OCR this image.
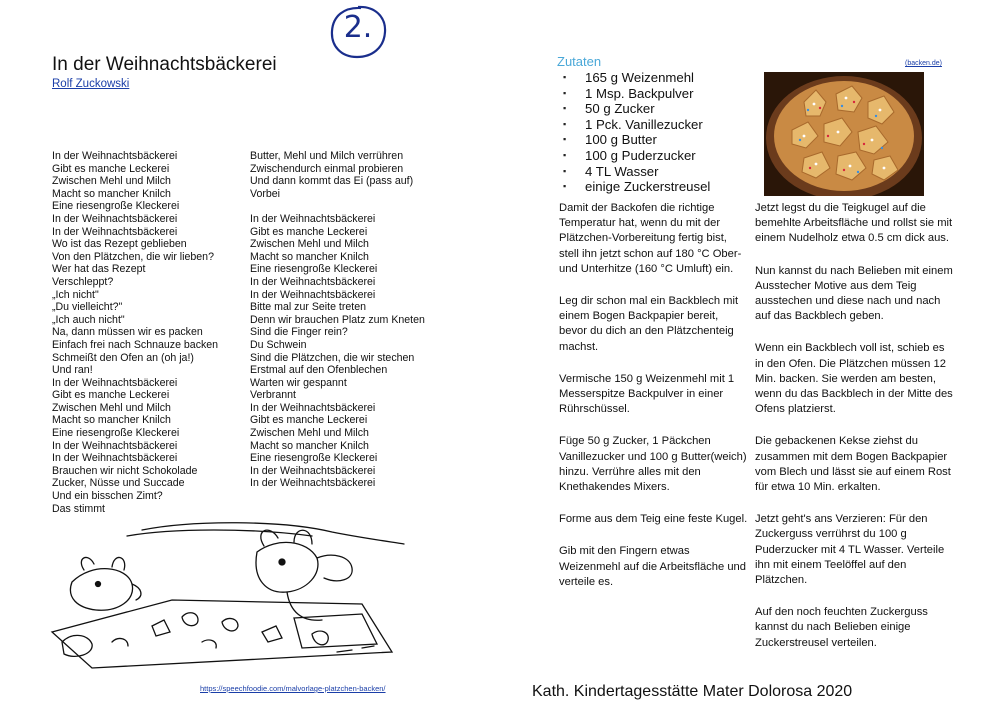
2.
In der Weihnachtsbäckerei
Rolf Zuckowski
In der Weihnachtsbäckerei
Gibt es manche Leckerei
Zwischen Mehl und Milch
Macht so mancher Knilch
Eine riesengroße Kleckerei
In der Weihnachtsbäckerei
In der Weihnachtsbäckerei
Wo ist das Rezept geblieben
Von den Plätzchen, die wir lieben?
Wer hat das Rezept
Verschleppt?
„Ich nicht"
„Du vielleicht?"
„Ich auch nicht"
Na, dann müssen wir es packen
Einfach frei nach Schnauze backen
Schmeißt den Ofen an (oh ja!)
Und ran!
In der Weihnachtsbäckerei
Gibt es manche Leckerei
Zwischen Mehl und Milch
Macht so mancher Knilch
Eine riesengroße Kleckerei
In der Weihnachtsbäckerei
In der Weihnachtsbäckerei
Brauchen wir nicht Schokolade
Zucker, Nüsse und Succade
Und ein bisschen Zimt?
Das stimmt
Butter, Mehl und Milch verrühren
Zwischendurch einmal probieren
Und dann kommt das Ei (pass auf)
Vorbei

In der Weihnachtsbäckerei
Gibt es manche Leckerei
Zwischen Mehl und Milch
Macht so mancher Knilch
Eine riesengroße Kleckerei
In der Weihnachtsbäckerei
In der Weihnachtsbäckerei
Bitte mal zur Seite treten
Denn wir brauchen Platz zum Kneten
Sind die Finger rein?
Du Schwein
Sind die Plätzchen, die wir stechen
Erstmal auf den Ofenblechen
Warten wir gespannt
Verbrannt
In der Weihnachtsbäckerei
Gibt es manche Leckerei
Zwischen Mehl und Milch
Macht so mancher Knilch
Eine riesengroße Kleckerei
In der Weihnachtsbäckerei
In der Weihnachtsbäckerei
https://speechfoodie.com/malvorlage-platzchen-backen/
Zutaten	(backen.de)
▪ 165 g Weizenmehl
▪ 1 Msp. Backpulver
▪ 50 g Zucker
▪ 1 Pck. Vanillezucker
▪ 100 g Butter
▪ 100 g Puderzucker
▪ 4 TL Wasser
▪ einige Zuckerstreusel

Damit der Backofen die richtige Temperatur hat, wenn du mit der Plätzchen-Vorbereitung fertig bist, stell ihn jetzt schon auf 180 °C Ober- und Unterhitze (160 °C Umluft) ein.

Leg dir schon mal ein Backblech mit einem Bogen Backpapier bereit, bevor du dich an den Plätzchenteig machst.

Vermische 150 g Weizenmehl mit 1 Messerspitze Backpulver in einer Rührschüssel.

Füge 50 g Zucker, 1 Päckchen Vanillezucker und 100 g Butter(weich) hinzu. Verrühre alles mit den Knethakendes Mixers.

Forme aus dem Teig eine feste Kugel.

Gib mit den Fingern etwas Weizenmehl auf die Arbeitsfläche und verteile es.

Jetzt legst du die Teigkugel auf die bemehlte Arbeitsfläche und rollst sie mit einem Nudelholz etwa 0.5 cm dick aus.

Nun kannst du nach Belieben mit einem Ausstecher Motive aus dem Teig ausstechen und diese nach und nach auf das Backblech geben.

Wenn ein Backblech voll ist, schieb es in den Ofen. Die Plätzchen müssen 12 Min. backen. Sie werden am besten, wenn du das Backblech in der Mitte des Ofens platzierst.

Die gebackenen Kekse ziehst du zusammen mit dem Bogen Backpapier vom Blech und lässt sie auf einem Rost für etwa 10 Min. erkalten.

Jetzt geht's ans Verzieren: Für den Zuckerguss verrührst du 100 g Puderzucker mit 4 TL Wasser. Verteile ihn mit einem Teelöffel auf den Plätzchen.

Auf den noch feuchten Zuckerguss kannst du nach Belieben einige Zuckerstreusel verteilen.

Kath. Kindertagesstätte Mater Dolorosa 2020
